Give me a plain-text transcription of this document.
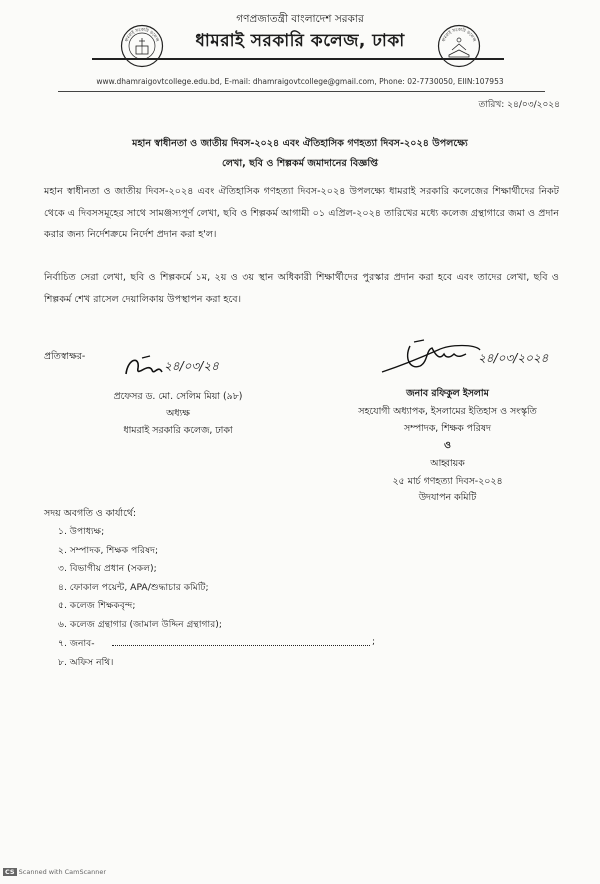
গণপ্রজাতন্ত্রী বাংলাদেশ সরকার
ধামরাই সরকারি কলেজ, ঢাকা
www.dhamraigovtcollege.edu.bd, E-mail: dhamraigovtcollege@gmail.com, Phone: 02-7730050, EIIN:107953
ধামরাই সরকারি কলেজ	ধামরাই সরকারি কলেজ
তারিখ: ২৪/০৩/২০২৪
মহান স্বাধীনতা ও জাতীয় দিবস-২০২৪ এবং ঐতিহাসিক গণহত্যা দিবস-২০২৪ উপলক্ষ্যে
লেখা, ছবি ও শিল্পকর্ম জমাদানের বিজ্ঞপ্তি
মহান স্বাধীনতা ও জাতীয় দিবস-২০২৪ এবং ঐতিহাসিক গণহত্যা দিবস-২০২৪ উপলক্ষ্যে ধামরাই সরকারি কলেজের শিক্ষার্থীদের নিকট থেকে এ দিবসসমূহের সাথে সামঞ্জস্যপূর্ণ লেখা, ছবি ও শিল্পকর্ম আগামী ০১ এপ্রিল-২০২৪ তারিখের মধ্যে কলেজ গ্রন্থাগারে জমা ও প্রদান করার জন্য নির্দেশক্রমে নির্দেশ প্রদান করা হ'ল।
নির্বাচিত সেরা লেখা, ছবি ও শিল্পকর্মে ১ম, ২য় ও ৩য় স্থান অধিকারী শিক্ষার্থীদের পুরস্কার প্রদান করা হবে এবং তাদের লেখা, ছবি ও শিল্পকর্ম শেখ রাসেল দেয়ালিকায় উপস্থাপন করা হবে।
প্রতিস্বাক্ষর-
২৪/০৩/২৪
প্রফেসর ড. মো. সেলিম মিয়া (৯৮)
অধ্যক্ষ
ধামরাই সরকারি কলেজ, ঢাকা
২৪/০৩/২০২৪
জনাব রফিকুল ইসলাম
সহযোগী অধ্যাপক, ইসলামের ইতিহাস ও সংস্কৃতি
সম্পাদক, শিক্ষক পরিষদ
ও
আহ্বায়ক
২৫ মার্চ গণহত্যা দিবস-২০২৪
উদযাপন কমিটি
সদয় অবগতি ও কার্যার্থে:
১. উপাধ্যক্ষ;
২. সম্পাদক, শিক্ষক পরিষদ;
৩. বিভাগীয় প্রধান (সকল);
৪. ফোকাল পয়েন্ট, APA/শুদ্ধাচার কমিটি;
৫. কলেজ শিক্ষকবৃন্দ;
৬. কলেজ গ্রন্থাগার (জামাল উদ্দিন গ্রন্থাগার);
৭. জনাব-	;
৮. অফিস নথি।
CS Scanned with CamScanner
